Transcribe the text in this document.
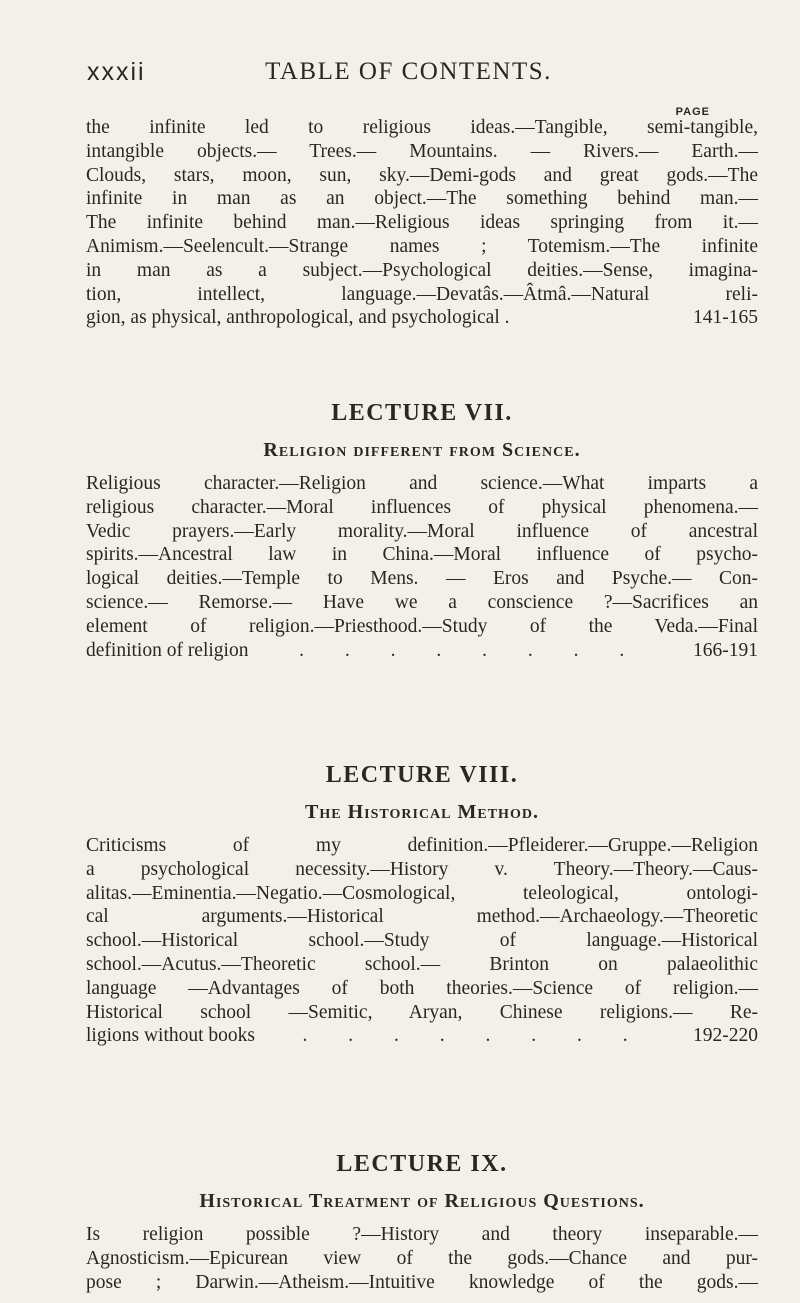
xxxii	TABLE OF CONTENTS.
PAGE

the infinite led to religious ideas.—Tangible, semi-tangible,
intangible objects.— Trees.— Mountains. — Rivers.— Earth.—
Clouds, stars, moon, sun, sky.—Demi-gods and great gods.—The
infinite in man as an object.—The something behind man.—
The infinite behind man.—Religious ideas springing from it.—
Animism.—Seelencult.—Strange names ; Totemism.—The infinite
in man as a subject.—Psychological deities.—Sense, imagina-
tion, intellect, language.—Devatâs.—Âtmâ.—Natural reli-
gion, as physical, anthropological, and psychological .	141-165

LECTURE VII.
Religion different from Science.

Religious character.—Religion and science.—What imparts a
religious character.—Moral influences of physical phenomena.—
Vedic prayers.—Early morality.—Moral influence of ancestral
spirits.—Ancestral law in China.—Moral influence of psycho-
logical deities.—Temple to Mens. — Eros and Psyche.— Con-
science.— Remorse.— Have we a conscience ?—Sacrifices an
element of religion.—Priesthood.—Study of the Veda.—Final
definition of religion	. . . . . . . .	166-191

LECTURE VIII.
The Historical Method.

Criticisms of my definition.—Pfleiderer.—Gruppe.—Religion
a psychological necessity.—History v. Theory.—Theory.—Caus-
alitas.—Eminentia.—Negatio.—Cosmological, teleological, ontologi-
cal arguments.—Historical method.—Archaeology.—Theoretic
school.—Historical school.—Study of language.—Historical
school.—Acutus.—Theoretic school.— Brinton on palaeolithic
language —Advantages of both theories.—Science of religion.—
Historical school —Semitic, Aryan, Chinese religions.— Re-
ligions without books	. . . . . . . .	192-220

LECTURE IX.
Historical Treatment of Religious Questions.

Is religion possible ?—History and theory inseparable.—
Agnosticism.—Epicurean view of the gods.—Chance and pur-
pose ; Darwin.—Atheism.—Intuitive knowledge of the gods.—
